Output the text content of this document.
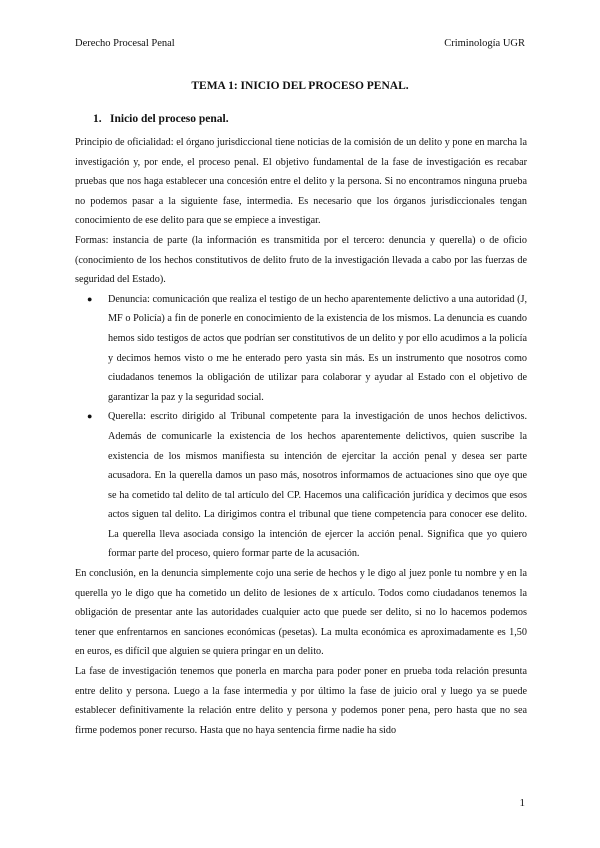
Derecho Procesal Penal	Criminología UGR
TEMA 1: INICIO DEL PROCESO PENAL.
1. Inicio del proceso penal.

Principio de oficialidad: el órgano jurisdiccional tiene noticias de la comisión de un delito y pone en marcha la investigación y, por ende, el proceso penal. El objetivo fundamental de la fase de investigación es recabar pruebas que nos haga establecer una concesión entre el delito y la persona. Si no encontramos ninguna prueba no podemos pasar a la siguiente fase, intermedia. Es necesario que los órganos jurisdiccionales tengan conocimiento de ese delito para que se empiece a investigar.

Formas: instancia de parte (la información es transmitida por el tercero: denuncia y querella) o de oficio (conocimiento de los hechos constitutivos de delito fruto de la investigación llevada a cabo por las fuerzas de seguridad del Estado).

● Denuncia: comunicación que realiza el testigo de un hecho aparentemente delictivo a una autoridad (J, MF o Policía) a fin de ponerle en conocimiento de la existencia de los mismos. La denuncia es cuando hemos sido testigos de actos que podrían ser constitutivos de un delito y por ello acudimos a la policía y decimos hemos visto o me he enterado pero yasta sin más. Es un instrumento que nosotros como ciudadanos tenemos la obligación de utilizar para colaborar y ayudar al Estado con el objetivo de garantizar la paz y la seguridad social.
● Querella: escrito dirigido al Tribunal competente para la investigación de unos hechos delictivos. Además de comunicarle la existencia de los hechos aparentemente delictivos, quien suscribe la existencia de los mismos manifiesta su intención de ejercitar la acción penal y desea ser parte acusadora. En la querella damos un paso más, nosotros informamos de actuaciones sino que oye que se ha cometido tal delito de tal artículo del CP. Hacemos una calificación jurídica y decimos que esos actos siguen tal delito. La dirigimos contra el tribunal que tiene competencia para conocer ese delito. La querella lleva asociada consigo la intención de ejercer la acción penal. Significa que yo quiero formar parte del proceso, quiero formar parte de la acusación.

En conclusión, en la denuncia simplemente cojo una serie de hechos y le digo al juez ponle tu nombre y en la querella yo le digo que ha cometido un delito de lesiones de x artículo. Todos como ciudadanos tenemos la obligación de presentar ante las autoridades cualquier acto que puede ser delito, si no lo hacemos podemos tener que enfrentarnos en sanciones económicas (pesetas). La multa económica es aproximadamente es 1,50 en euros, es difícil que alguien se quiera pringar en un delito.

La fase de investigación tenemos que ponerla en marcha para poder poner en prueba toda relación presunta entre delito y persona. Luego a la fase intermedia y por último la fase de juicio oral y luego ya se puede establecer definitivamente la relación entre delito y persona y podemos poner pena, pero hasta que no sea firme podemos poner recurso. Hasta que no haya sentencia firme nadie ha sido

1
